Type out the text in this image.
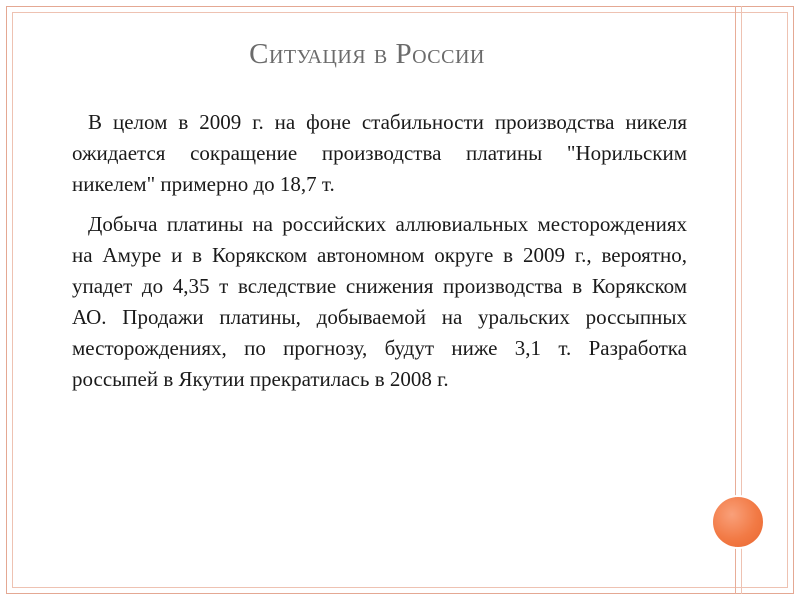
Ситуация в России

В целом в 2009 г. на фоне стабильности производства никеля ожидается сокращение производства платины "Норильским никелем" примерно до 18,7 т.

Добыча платины на российских аллювиальных месторождениях на Амуре и в Корякском автономном округе в 2009 г., вероятно, упадет до 4,35 т вследствие снижения производства в Корякском АО. Продажи платины, добываемой на уральских россыпных месторождениях, по прогнозу, будут ниже 3,1 т. Разработка россыпей в Якутии прекратилась в 2008 г.
